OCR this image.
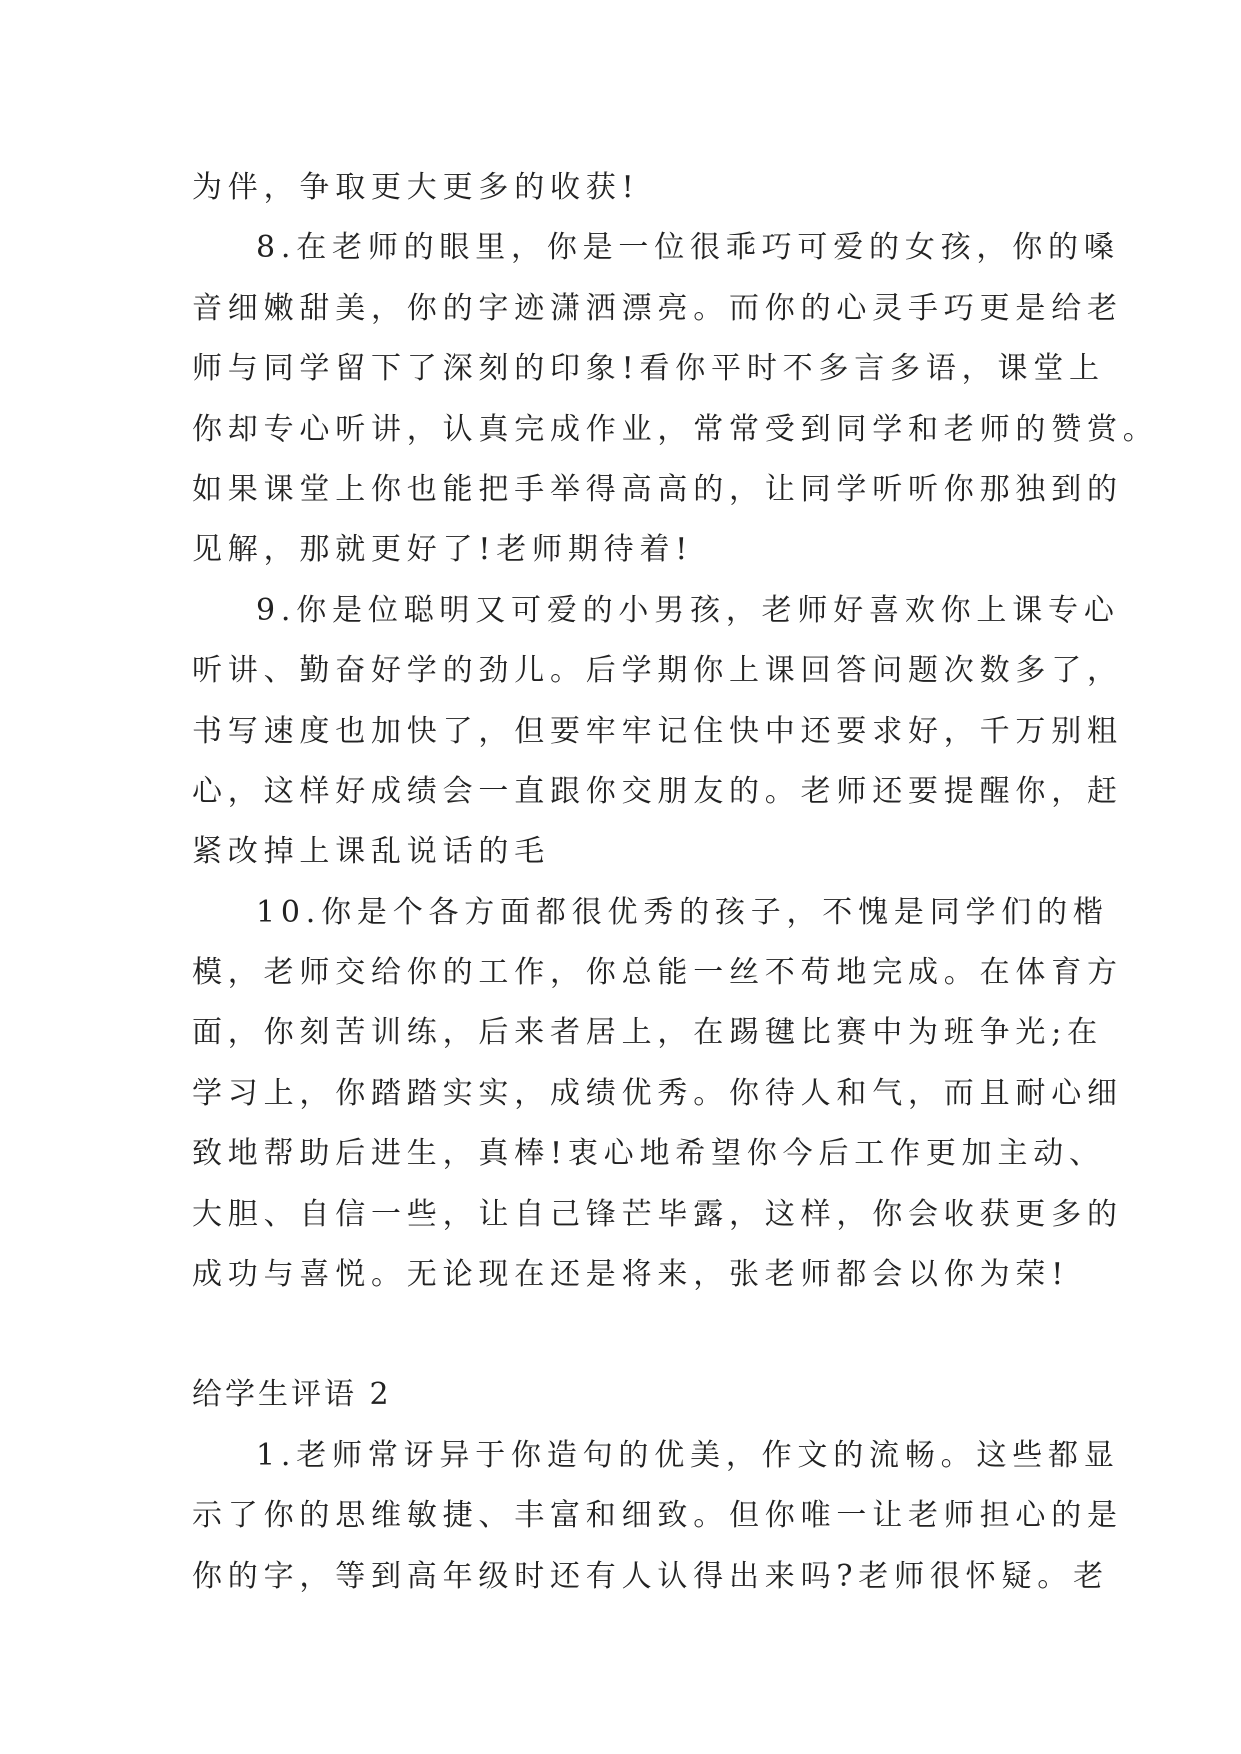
为伴，争取更大更多的收获!
8.在老师的眼里，你是一位很乖巧可爱的女孩，你的嗓
音细嫩甜美，你的字迹潇洒漂亮。而你的心灵手巧更是给老
师与同学留下了深刻的印象!看你平时不多言多语，课堂上
你却专心听讲，认真完成作业，常常受到同学和老师的赞赏。
如果课堂上你也能把手举得高高的，让同学听听你那独到的
见解，那就更好了!老师期待着!
9.你是位聪明又可爱的小男孩，老师好喜欢你上课专心
听讲、勤奋好学的劲儿。后学期你上课回答问题次数多了，
书写速度也加快了，但要牢牢记住快中还要求好，千万别粗
心，这样好成绩会一直跟你交朋友的。老师还要提醒你，赶
紧改掉上课乱说话的毛
10.你是个各方面都很优秀的孩子，不愧是同学们的楷
模，老师交给你的工作，你总能一丝不苟地完成。在体育方
面，你刻苦训练，后来者居上，在踢毽比赛中为班争光;在
学习上，你踏踏实实，成绩优秀。你待人和气，而且耐心细
致地帮助后进生，真棒!衷心地希望你今后工作更加主动、
大胆、自信一些，让自己锋芒毕露，这样，你会收获更多的
成功与喜悦。无论现在还是将来，张老师都会以你为荣!
给学生评语 2
1.老师常讶异于你造句的优美，作文的流畅。这些都显
示了你的思维敏捷、丰富和细致。但你唯一让老师担心的是
你的字，等到高年级时还有人认得出来吗?老师很怀疑。老
